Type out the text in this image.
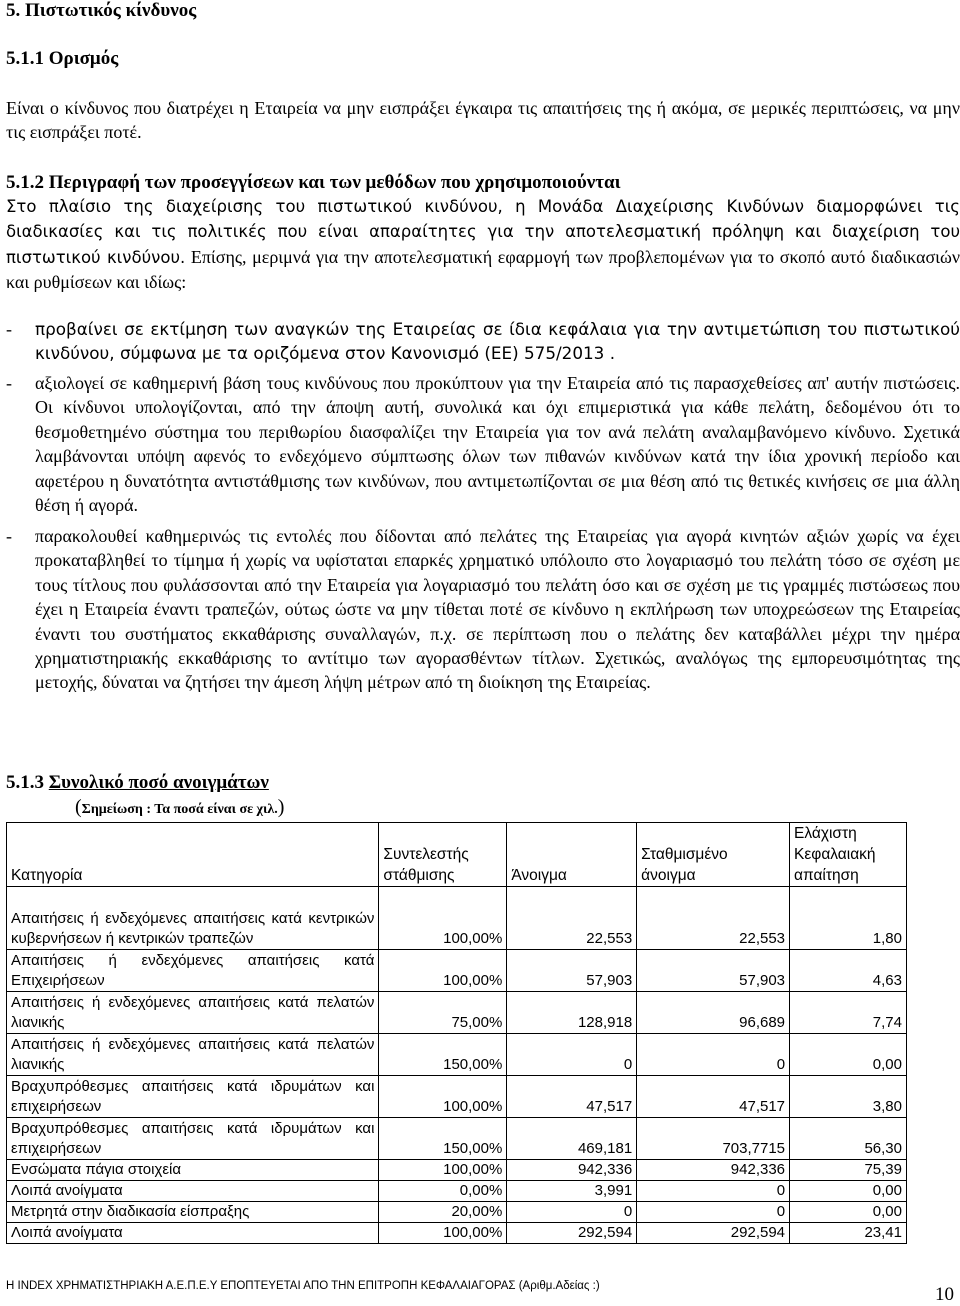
5. Πιστωτικός κίνδυνος
5.1.1 Ορισμός

Είναι ο κίνδυνος που διατρέχει η Εταιρεία να μην εισπράξει έγκαιρα τις απαιτήσεις της ή ακόμα, σε μερικές περιπτώσεις, να μην τις εισπράξει ποτέ.

5.1.2 Περιγραφή των προσεγγίσεων και των μεθόδων που χρησιμοποιούνται

Στο πλαίσιο της διαχείρισης του πιστωτικού κινδύνου, η Μονάδα Διαχείρισης Κινδύνων διαμορφώνει τις διαδικασίες και τις πολιτικές που είναι απαραίτητες για την αποτελεσματική πρόληψη και διαχείριση του πιστωτικού κινδύνου. Επίσης, μεριμνά για την αποτελεσματική εφαρμογή των προβλεπομένων για το σκοπό αυτό διαδικασιών και ρυθμίσεων και ιδίως:

- προβαίνει σε εκτίμηση των αναγκών της Εταιρείας σε ίδια κεφάλαια για την αντιμετώπιση του πιστωτικού κινδύνου, σύμφωνα με τα οριζόμενα στον Κανονισμό (ΕΕ) 575/2013 .
- αξιολογεί σε καθημερινή βάση τους κινδύνους που προκύπτουν για την Εταιρεία από τις παρασχεθείσες απ' αυτήν πιστώσεις. Οι κίνδυνοι υπολογίζονται, από την άποψη αυτή, συνολικά και όχι επιμεριστικά για κάθε πελάτη, δεδομένου ότι το θεσμοθετημένο σύστημα του περιθωρίου διασφαλίζει την Εταιρεία για τον ανά πελάτη αναλαμβανόμενο κίνδυνο. Σχετικά λαμβάνονται υπόψη αφενός το ενδεχόμενο σύμπτωσης όλων των πιθανών κινδύνων κατά την ίδια χρονική περίοδο και αφετέρου η δυνατότητα αντιστάθμισης των κινδύνων, που αντιμετωπίζονται σε μια θέση από τις θετικές κινήσεις σε μια άλλη θέση ή αγορά.
- παρακολουθεί καθημερινώς τις εντολές που δίδονται από πελάτες της Εταιρείας για αγορά κινητών αξιών χωρίς να έχει προκαταβληθεί το τίμημα ή χωρίς να υφίσταται επαρκές χρηματικό υπόλοιπο στο λογαριασμό του πελάτη τόσο σε σχέση με τους τίτλους που φυλάσσονται από την Εταιρεία για λογαριασμό του πελάτη όσο και σε σχέση με τις γραμμές πιστώσεως που έχει η Εταιρεία έναντι τραπεζών, ούτως ώστε να μην τίθεται ποτέ σε κίνδυνο η εκπλήρωση των υποχρεώσεων της Εταιρείας έναντι του συστήματος εκκαθάρισης συναλλαγών, π.χ. σε περίπτωση που ο πελάτης δεν καταβάλλει μέχρι την ημέρα χρηματιστηριακής εκκαθάρισης το αντίτιμο των αγορασθέντων τίτλων. Σχετικώς, αναλόγως της εμπορευσιμότητας της μετοχής, δύναται να ζητήσει την άμεση λήψη μέτρων από τη διοίκηση της Εταιρείας.
5.1.3 Συνολικό ποσό ανοιγμάτων
(Σημείωση : Τα ποσά είναι σε χιλ.)
Κατηγορία	Συντελεστής στάθμισης	Άνοιγμα	Σταθμισμένο άνοιγμα	Ελάχιστη Κεφαλαιακή απαίτηση
Απαιτήσεις ή ενδεχόμενες απαιτήσεις κατά κεντρικών κυβερνήσεων ή κεντρικών τραπεζών	100,00%	22,553	22,553	1,80
Απαιτήσεις ή ενδεχόμενες απαιτήσεις κατά Επιχειρήσεων	100,00%	57,903	57,903	4,63
Απαιτήσεις ή ενδεχόμενες απαιτήσεις κατά πελατών λιανικής	75,00%	128,918	96,689	7,74
Απαιτήσεις ή ενδεχόμενες απαιτήσεις κατά πελατών λιανικής	150,00%	0	0	0,00
Βραχυπρόθεσμες απαιτήσεις κατά ιδρυμάτων και επιχειρήσεων	100,00%	47,517	47,517	3,80
Βραχυπρόθεσμες απαιτήσεις κατά ιδρυμάτων και επιχειρήσεων	150,00%	469,181	703,7715	56,30
Ενσώματα πάγια στοιχεία	100,00%	942,336	942,336	75,39
Λοιπά ανοίγματα	0,00%	3,991	0	0,00
Μετρητά στην διαδικασία είσπραξης	20,00%	0	0	0,00
Λοιπά ανοίγματα	100,00%	292,594	292,594	23,41
Η INDEX ΧΡΗΜΑΤΙΣΤΗΡΙΑΚΗ Α.Ε.Π.Ε.Υ ΕΠΟΠΤΕΥΕΤΑΙ ΑΠΟ ΤΗΝ ΕΠΙΤΡΟΠΗ ΚΕΦΑΛΑΙΑΓΟΡΑΣ (Αριθμ.Αδείας :)	10
